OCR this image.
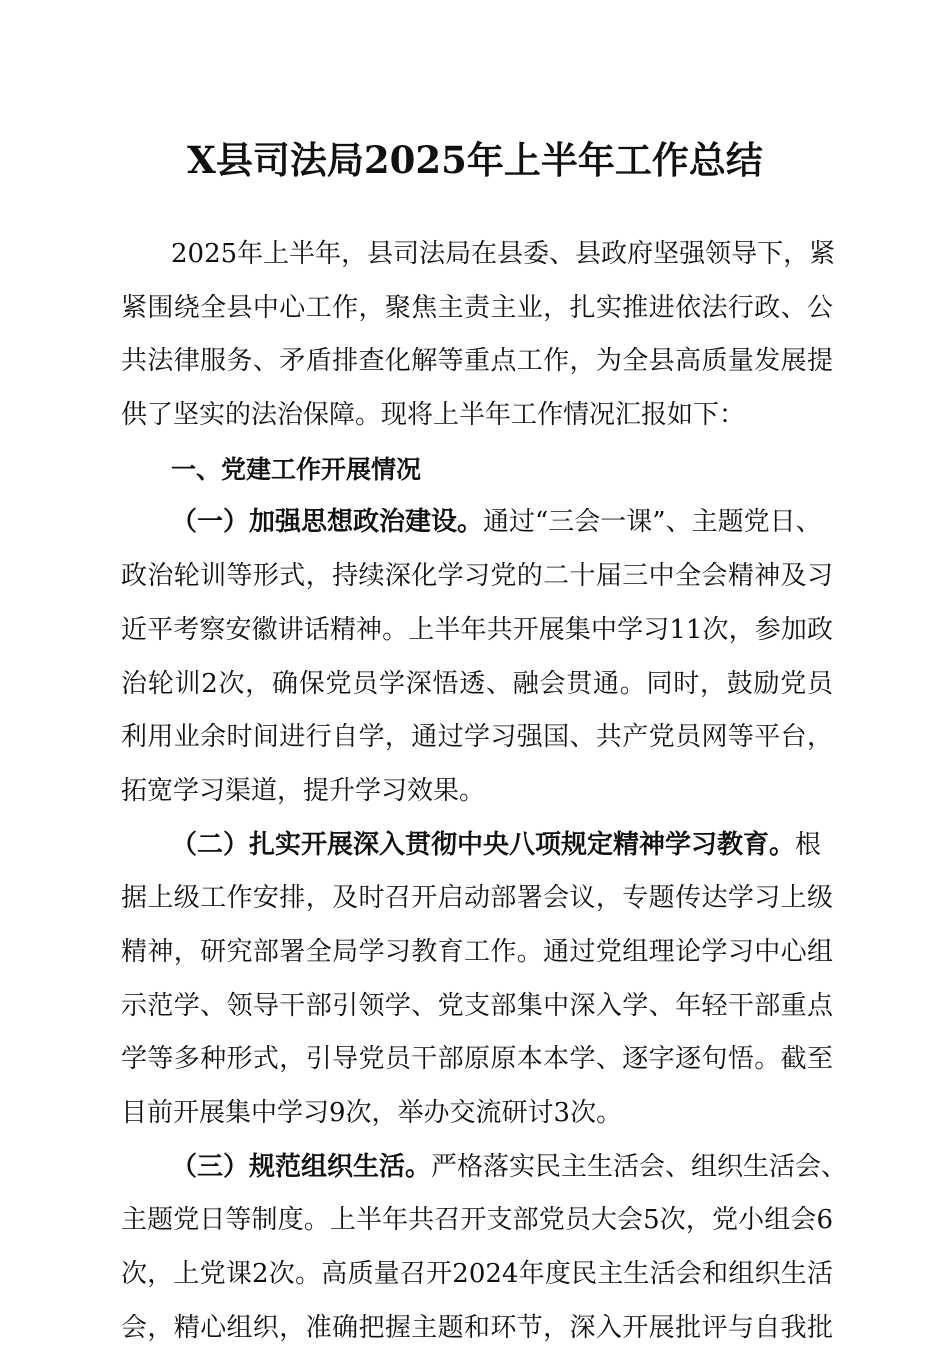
X县司法局2025年上半年工作总结
2025年上半年，县司法局在县委、县政府坚强领导下，紧
紧围绕全县中心工作，聚焦主责主业，扎实推进依法行政、公
共法律服务、矛盾排查化解等重点工作，为全县高质量发展提
供了坚实的法治保障。现将上半年工作情况汇报如下：
一、党建工作开展情况
（一）加强思想政治建设。通过“三会一课”、主题党日、
政治轮训等形式，持续深化学习党的二十届三中全会精神及习
近平考察安徽讲话精神。上半年共开展集中学习11次，参加政
治轮训2次，确保党员学深悟透、融会贯通。同时，鼓励党员
利用业余时间进行自学，通过学习强国、共产党员网等平台，
拓宽学习渠道，提升学习效果。
（二）扎实开展深入贯彻中央八项规定精神学习教育。根
据上级工作安排，及时召开启动部署会议，专题传达学习上级
精神，研究部署全局学习教育工作。通过党组理论学习中心组
示范学、领导干部引领学、党支部集中深入学、年轻干部重点
学等多种形式，引导党员干部原原本本学、逐字逐句悟。截至
目前开展集中学习9次，举办交流研讨3次。
（三）规范组织生活。严格落实民主生活会、组织生活会、
主题党日等制度。上半年共召开支部党员大会5次，党小组会6
次，上党课2次。高质量召开2024年度民主生活会和组织生活
会，精心组织，准确把握主题和环节，深入开展批评与自我批
